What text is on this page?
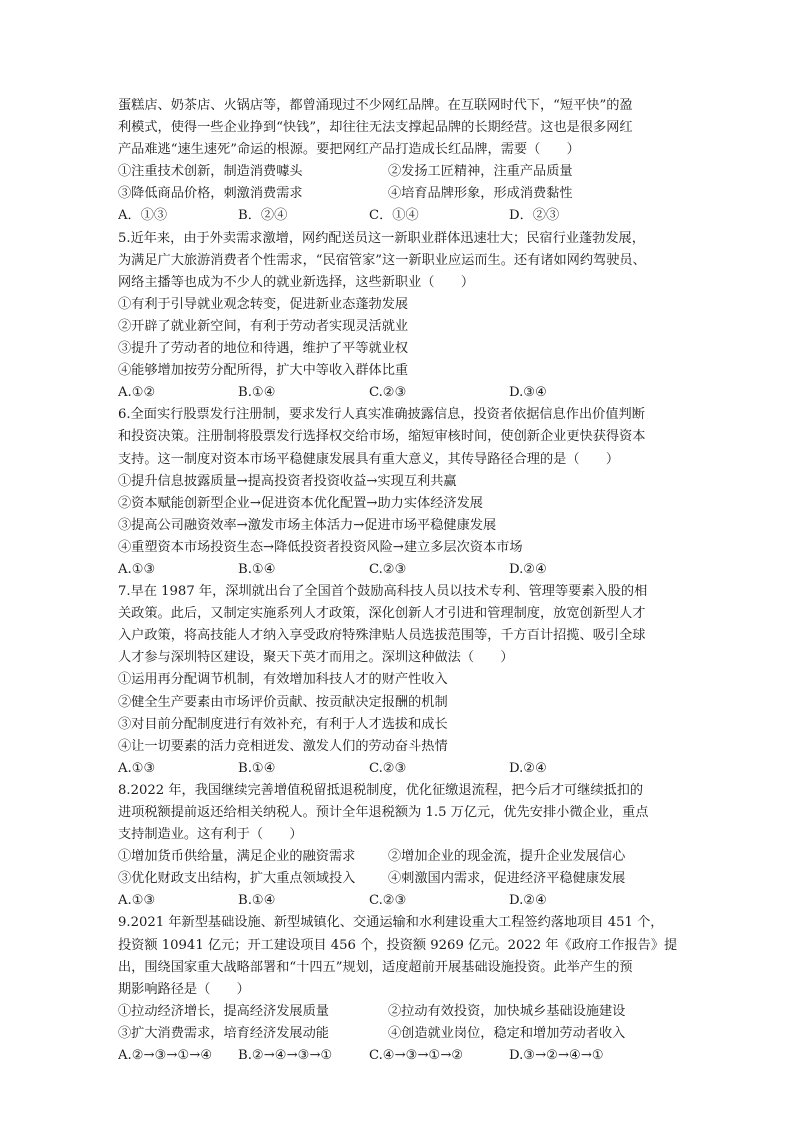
蛋糕店、奶茶店、火锅店等，都曾涌现过不少网红品牌。在互联网时代下，“短平快”的盈
利模式，使得一些企业挣到“快钱”，却往往无法支撑起品牌的长期经营。这也是很多网红
产品难逃“速生速死”命运的根源。要把网红产品打造成长红品牌，需要（　　）
①注重技术创新，制造消费噱头	②发扬工匠精神，注重产品质量
③降低商品价格，刺激消费需求	④培育品牌形象，形成消费黏性
A．①③	B．②④	C．①④	D．②③
5.近年来，由于外卖需求激增，网约配送员这一新职业群体迅速壮大；民宿行业蓬勃发展，
为满足广大旅游消费者个性需求，“民宿管家”这一新职业应运而生。还有诸如网约驾驶员、
网络主播等也成为不少人的就业新选择，这些新职业（　　）
①有利于引导就业观念转变，促进新业态蓬勃发展
②开辟了就业新空间，有利于劳动者实现灵活就业
③提升了劳动者的地位和待遇，维护了平等就业权
④能够增加按劳分配所得，扩大中等收入群体比重
A.①②	B.①④	C.②③	D.③④
6.全面实行股票发行注册制，要求发行人真实准确披露信息，投资者依据信息作出价值判断
和投资决策。注册制将股票发行选择权交给市场，缩短审核时间，使创新企业更快获得资本
支持。这一制度对资本市场平稳健康发展具有重大意义，其传导路径合理的是（　　）
①提升信息披露质量→提高投资者投资收益→实现互利共赢
②资本赋能创新型企业→促进资本优化配置→助力实体经济发展
③提高公司融资效率→激发市场主体活力→促进市场平稳健康发展
④重塑资本市场投资生态→降低投资者投资风险→建立多层次资本市场
A.①③	B.①④	C.②③	D.②④
7.早在 1987 年，深圳就出台了全国首个鼓励高科技人员以技术专利、管理等要素入股的相
关政策。此后，又制定实施系列人才政策，深化创新人才引进和管理制度，放宽创新型人才
入户政策，将高技能人才纳入享受政府特殊津贴人员选拔范围等，千方百计招揽、吸引全球
人才参与深圳特区建设，聚天下英才而用之。深圳这种做法（　　）
①运用再分配调节机制，有效增加科技人才的财产性收入
②健全生产要素由市场评价贡献、按贡献决定报酬的机制
③对目前分配制度进行有效补充，有利于人才选拔和成长
④让一切要素的活力竞相迸发、激发人们的劳动奋斗热情
A.①③	B.①④	C.②③	D.②④
8.2022 年，我国继续完善增值税留抵退税制度，优化征缴退流程，把今后才可继续抵扣的
进项税额提前返还给相关纳税人。预计全年退税额为 1.5 万亿元，优先安排小微企业，重点
支持制造业。这有利于（　　）
①增加货币供给量，满足企业的融资需求	②增加企业的现金流，提升企业发展信心
③优化财政支出结构，扩大重点领域投入	④刺激国内需求，促进经济平稳健康发展
A.①③	B.①④	C.②③	D.②④
9.2021 年新型基础设施、新型城镇化、交通运输和水利建设重大工程签约落地项目 451 个，
投资额 10941 亿元；开工建设项目 456 个，投资额 9269 亿元。2022 年《政府工作报告》提
出，围绕国家重大战略部署和“十四五”规划，适度超前开展基础设施投资。此举产生的预
期影响路径是（　　）
①拉动经济增长，提高经济发展质量	②拉动有效投资，加快城乡基础设施建设
③扩大消费需求，培育经济发展动能	④创造就业岗位，稳定和增加劳动者收入
A.②→③→①→④	B.②→④→③→①	C.④→③→①→②	D.③→②→④→①
